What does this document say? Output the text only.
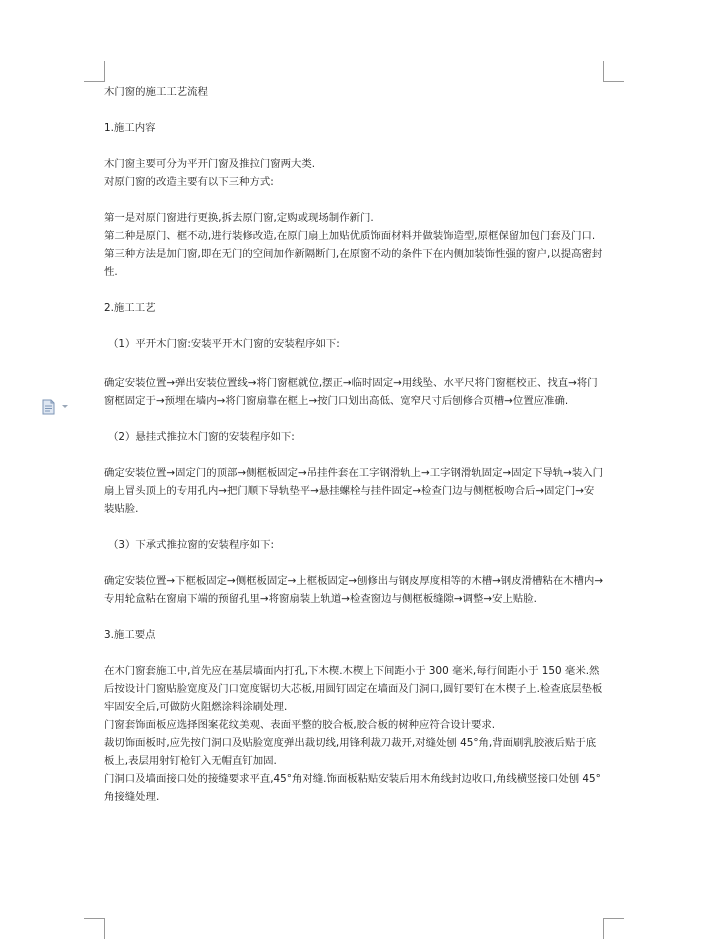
木门窗的施工工艺流程

1.施工内容

木门窗主要可分为平开门窗及推拉门窗两大类.

对原门窗的改造主要有以下三种方式:

第一是对原门窗进行更换,拆去原门窗,定购或现场制作新门.

第二种是原门、框不动,进行装修改造,在原门扇上加贴优质饰面材料并做装饰造型,原框保留加包门套及门口.

第三种方法是加门窗,即在无门的空间加作新隔断门,在原窗不动的条件下在内侧加装饰性强的窗户,以提高密封性.

2.施工工艺

（1）平开木门窗:安装平开木门窗的安装程序如下:

确定安装位置→弹出安装位置线→将门窗框就位,摆正→临时固定→用线坠、水平尺将门窗框校正、找直→将门窗框固定于→预埋在墙内→将门窗扇靠在框上→按门口划出高低、宽窄尺寸后刨修合页槽→位置应准确.

（2）悬挂式推拉木门窗的安装程序如下:

确定安装位置→固定门的顶部→侧框板固定→吊挂件套在工字钢滑轨上→工字钢滑轨固定→固定下导轨→装入门扇上冒头顶上的专用孔内→把门顺下导轨垫平→悬挂螺栓与挂件固定→检查门边与侧框板吻合后→固定门→安装贴脸.

（3）下承式推拉窗的安装程序如下:

确定安装位置→下框板固定→侧框板固定→上框板固定→刨修出与钢皮厚度相等的木槽→钢皮滑槽粘在木槽内→专用轮盒粘在窗扇下端的预留孔里→将窗扇装上轨道→检查窗边与侧框板缝隙→调整→安上贴脸.

3.施工要点

在木门窗套施工中,首先应在基层墙面内打孔,下木楔.木楔上下间距小于 300 毫米,每行间距小于 150 毫米.然后按设计门窗贴脸宽度及门口宽度锯切大芯板,用圆钉固定在墙面及门洞口,圆钉要钉在木楔子上.检查底层垫板牢固安全后,可做防火阻燃涂料涂刷处理.

门窗套饰面板应选择图案花纹美观、表面平整的胶合板,胶合板的树种应符合设计要求.

裁切饰面板时,应先按门洞口及贴脸宽度弹出裁切线,用锋利裁刀裁开,对缝处刨 45°角,背面刷乳胶液后贴于底板上,表层用射钉枪钉入无帽直钉加固.

门洞口及墙面接口处的接缝要求平直,45°角对缝.饰面板粘贴安装后用木角线封边收口,角线横竖接口处刨 45°角接缝处理.
